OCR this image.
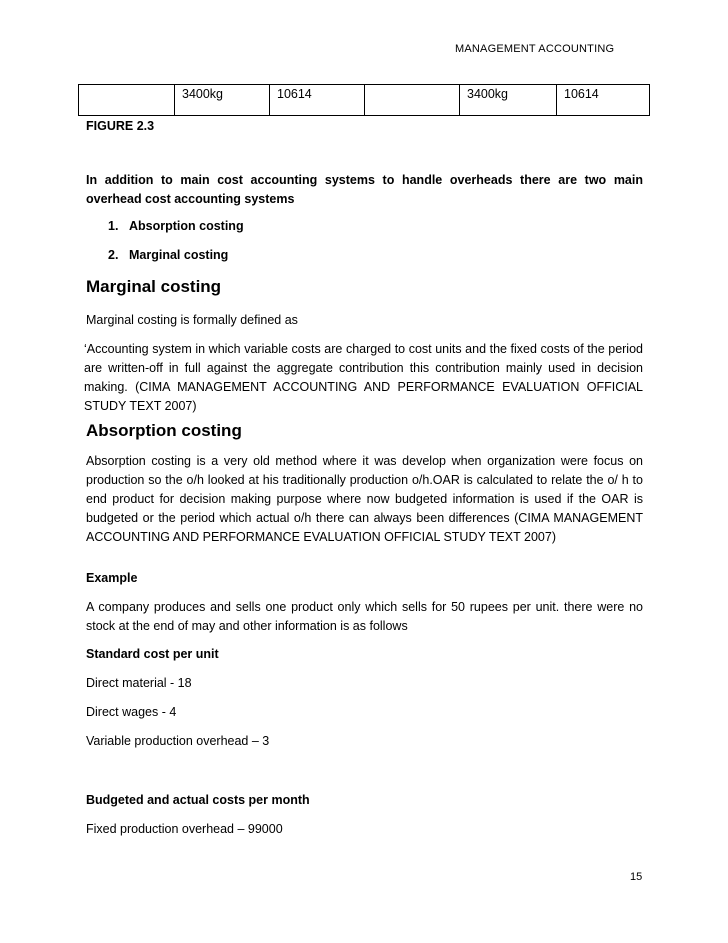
MANAGEMENT ACCOUNTING
	3400kg	10614		3400kg	10614
FIGURE 2.3
In addition to main cost accounting systems to handle overheads there are two main overhead cost accounting systems
1. Absorption costing
2. Marginal costing
Marginal costing
Marginal costing is formally defined as
‘Accounting system in which variable costs are charged to cost units and the fixed costs of the period are written-off in full against the aggregate contribution this contribution mainly used in decision making. (CIMA MANAGEMENT ACCOUNTING AND PERFORMANCE EVALUATION OFFICIAL STUDY TEXT 2007)
Absorption costing
Absorption costing is a very old method where it was develop when organization were focus on production so the o/h looked at his traditionally production o/h.OAR is calculated to relate the o/ h to end product for decision making purpose where now budgeted information is used if the OAR is budgeted or the period which actual o/h there can always been differences (CIMA MANAGEMENT ACCOUNTING AND PERFORMANCE EVALUATION OFFICIAL STUDY TEXT 2007)
Example
A company produces and sells one product only which sells for 50 rupees per unit. there were no stock at the end of may and other information is as follows
Standard cost per unit
Direct material - 18
Direct wages - 4
Variable production overhead – 3
Budgeted and actual costs per month
Fixed production overhead – 99000
15
